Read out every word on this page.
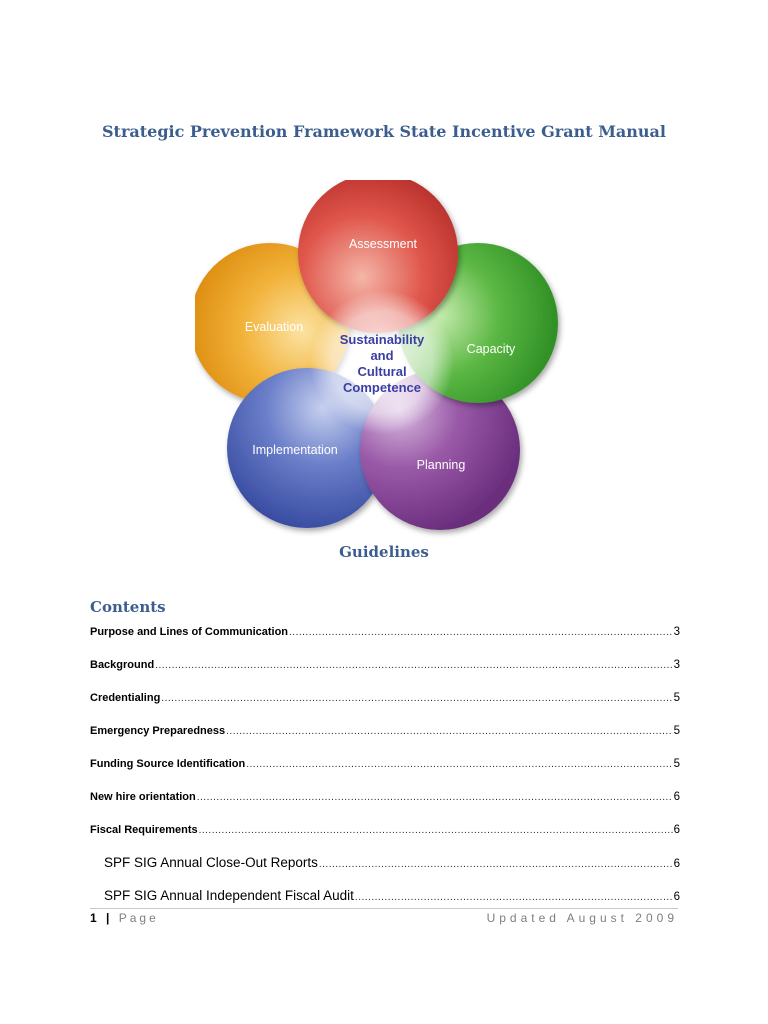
Strategic Prevention Framework State Incentive Grant Manual
Assessment
Capacity
Planning
Implementation
Evaluation
Sustainability
and
Cultural
Competence
Guidelines
Contents
Purpose and Lines of Communication .....	3
Background .....	3
Credentialing .....	5
Emergency Preparedness .....	5
Funding Source Identification .....	5
New hire orientation .....	6
Fiscal Requirements .....	6
SPF SIG Annual Close-Out Reports .....	6
SPF SIG Annual Independent Fiscal Audit .....	6
1 | Page	Updated August 2009
